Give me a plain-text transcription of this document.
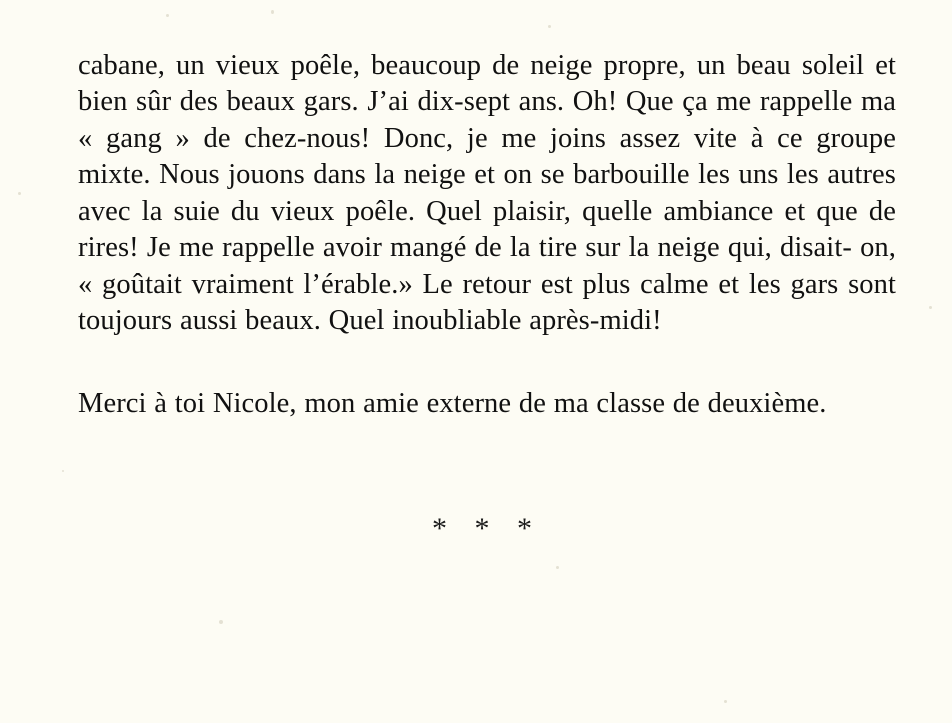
cabane, un vieux poêle, beaucoup de neige propre, un beau soleil et bien sûr des beaux gars. J’ai dix-sept ans. Oh! Que ça me rappelle ma « gang » de chez-nous! Donc, je me joins assez vite à ce groupe mixte. Nous jouons dans la neige et on se barbouille les uns les autres avec la suie du vieux poêle. Quel plaisir, quelle ambiance et que de rires! Je me rappelle avoir mangé de la tire sur la neige qui, disait- on, « goûtait vraiment l’érable.» Le retour est plus calme et les gars sont toujours aussi beaux. Quel inoubliable après-midi!

Merci à toi Nicole, mon amie externe de ma classe de deuxième.

* * *
